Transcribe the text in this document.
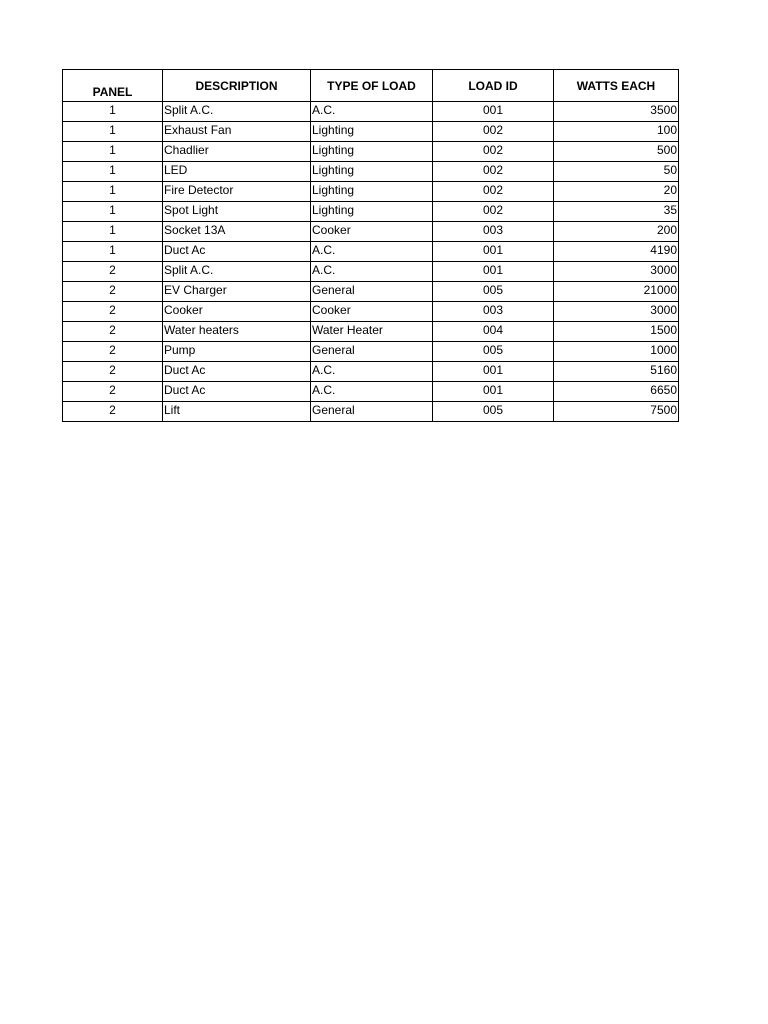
PANEL	DESCRIPTION	TYPE OF LOAD	LOAD ID	WATTS EACH
1	Split A.C.	A.C.	001	3500
1	Exhaust Fan	Lighting	002	100
1	Chadlier	Lighting	002	500
1	LED	Lighting	002	50
1	Fire Detector	Lighting	002	20
1	Spot Light	Lighting	002	35
1	Socket 13A	Cooker	003	200
1	Duct Ac	A.C.	001	4190
2	Split A.C.	A.C.	001	3000
2	EV Charger	General	005	21000
2	Cooker	Cooker	003	3000
2	Water heaters	Water Heater	004	1500
2	Pump	General	005	1000
2	Duct Ac	A.C.	001	5160
2	Duct Ac	A.C.	001	6650
2	Lift	General	005	7500
